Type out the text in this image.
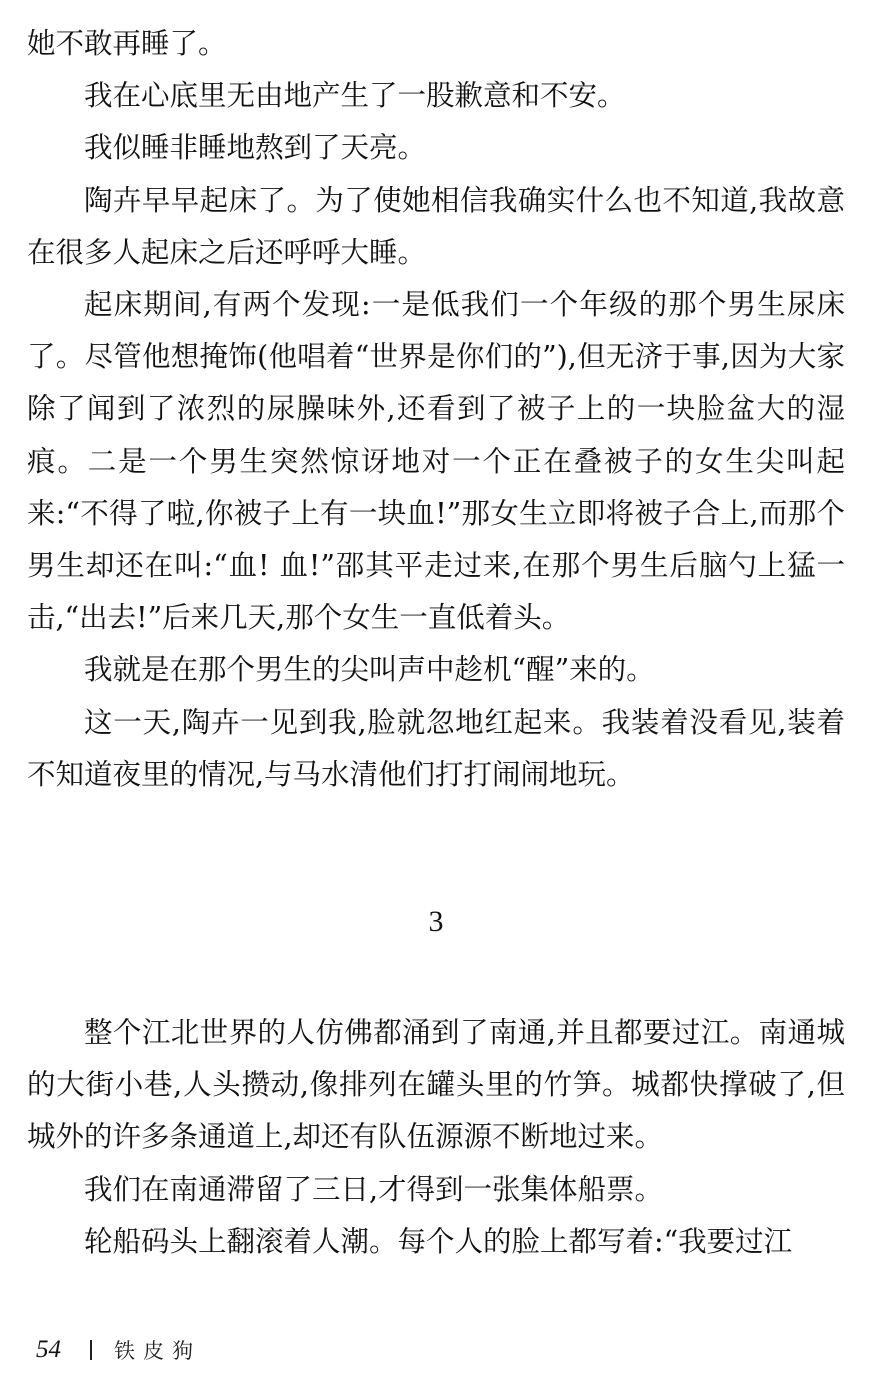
她不敢再睡了。

我在心底里无由地产生了一股歉意和不安。

我似睡非睡地熬到了天亮。

陶卉早早起床了。为了使她相信我确实什么也不知道,我故意在很多人起床之后还呼呼大睡。

起床期间,有两个发现:一是低我们一个年级的那个男生尿床了。尽管他想掩饰(他唱着“世界是你们的”),但无济于事,因为大家除了闻到了浓烈的尿臊味外,还看到了被子上的一块脸盆大的湿痕。二是一个男生突然惊讶地对一个正在叠被子的女生尖叫起来:“不得了啦,你被子上有一块血!”那女生立即将被子合上,而那个男生却还在叫:“血! 血!”邵其平走过来,在那个男生后脑勺上猛一击,“出去!”后来几天,那个女生一直低着头。

我就是在那个男生的尖叫声中趁机“醒”来的。

这一天,陶卉一见到我,脸就忽地红起来。我装着没看见,装着不知道夜里的情况,与马水清他们打打闹闹地玩。

3

整个江北世界的人仿佛都涌到了南通,并且都要过江。南通城的大街小巷,人头攒动,像排列在罐头里的竹笋。城都快撑破了,但城外的许多条通道上,却还有队伍源源不断地过来。

我们在南通滞留了三日,才得到一张集体船票。

轮船码头上翻滚着人潮。每个人的脸上都写着:“我要过江

54	铁皮狗
